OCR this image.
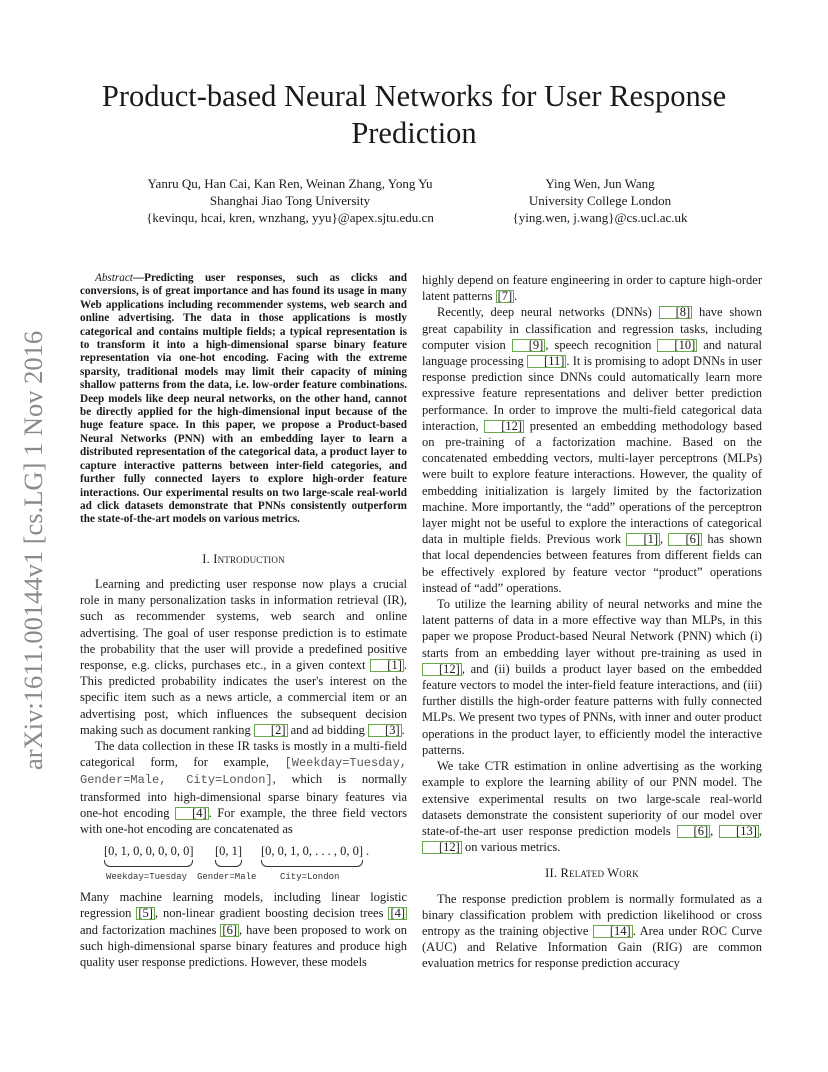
Product-based Neural Networks for User Response Prediction
Yanru Qu, Han Cai, Kan Ren, Weinan Zhang, Yong Yu
Shanghai Jiao Tong University
{kevinqu, hcai, kren, wnzhang, yyu}@apex.sjtu.edu.cn
Ying Wen, Jun Wang
University College London
{ying.wen, j.wang}@cs.ucl.ac.uk
arXiv:1611.00144v1 [cs.LG] 1 Nov 2016

Abstract—Predicting user responses, such as clicks and conversions, is of great importance and has found its usage in many Web applications including recommender systems, web search and online advertising. The data in those applications is mostly categorical and contains multiple fields; a typical representation is to transform it into a high-dimensional sparse binary feature representation via one-hot encoding. Facing with the extreme sparsity, traditional models may limit their capacity of mining shallow patterns from the data, i.e. low-order feature combinations. Deep models like deep neural networks, on the other hand, cannot be directly applied for the high-dimensional input because of the huge feature space. In this paper, we propose a Product-based Neural Networks (PNN) with an embedding layer to learn a distributed representation of the categorical data, a product layer to capture interactive patterns between inter-field categories, and further fully connected layers to explore high-order feature interactions. Our experimental results on two large-scale real-world ad click datasets demonstrate that PNNs consistently outperform the state-of-the-art models on various metrics.

I. Introduction

Learning and predicting user response now plays a crucial role in many personalization tasks in information retrieval (IR), such as recommender systems, web search and online advertising. The goal of user response prediction is to estimate the probability that the user will provide a predefined positive response, e.g. clicks, purchases etc., in a given context [1] . This predicted probability indicates the user's interest on the specific item such as a news article, a commercial item or an advertising post, which influences the subsequent decision making such as document ranking [2] and ad bidding [3] .

The data collection in these IR tasks is mostly in a multi-field categorical form, for example, [Weekday=Tuesday, Gender=Male, City=London], which is normally transformed into high-dimensional sparse binary features via one-hot encoding [4] . For example, the three field vectors with one-hot encoding are concatenated as

[0, 1, 0, 0, 0, 0, 0] [0, 1] [0, 0, 1, 0, . . . , 0, 0] .
Weekday=Tuesday Gender=Male	City=London

Many machine learning models, including linear logistic regression [5] , non-linear gradient boosting decision trees [4] and factorization machines [6] , have been proposed to work on such high-dimensional sparse binary features and produce high quality user response predictions. However, these models

highly depend on feature engineering in order to capture high-order latent patterns [7] .

Recently, deep neural networks (DNNs) [8] have shown great capability in classification and regression tasks, including computer vision [9] , speech recognition [10] and natural language processing [11] . It is promising to adopt DNNs in user response prediction since DNNs could automatically learn more expressive feature representations and deliver better prediction performance. In order to improve the multi-field categorical data interaction, [12] presented an embedding methodology based on pre-training of a factorization machine. Based on the concatenated embedding vectors, multi-layer perceptrons (MLPs) were built to explore feature interactions. However, the quality of embedding initialization is largely limited by the factorization machine. More importantly, the “add” operations of the perceptron layer might not be useful to explore the interactions of categorical data in multiple fields. Previous work [1] , [6] has shown that local dependencies between features from different fields can be effectively explored by feature vector “product” operations instead of “add” operations.

To utilize the learning ability of neural networks and mine the latent patterns of data in a more effective way than MLPs, in this paper we propose Product-based Neural Network (PNN) which (i) starts from an embedding layer without pre-training as used in [12] , and (ii) builds a product layer based on the embedded feature vectors to model the inter-field feature interactions, and (iii) further distills the high-order feature patterns with fully connected MLPs. We present two types of PNNs, with inner and outer product operations in the product layer, to efficiently model the interactive patterns.

We take CTR estimation in online advertising as the working example to explore the learning ability of our PNN model. The extensive experimental results on two large-scale real-world datasets demonstrate the consistent superiority of our model over state-of-the-art user response prediction models [6] , [13] , [12] on various metrics.

II. Related Work

The response prediction problem is normally formulated as a binary classification problem with prediction likelihood or cross entropy as the training objective [14] . Area under ROC Curve (AUC) and Relative Information Gain (RIG) are common evaluation metrics for response prediction accuracy
